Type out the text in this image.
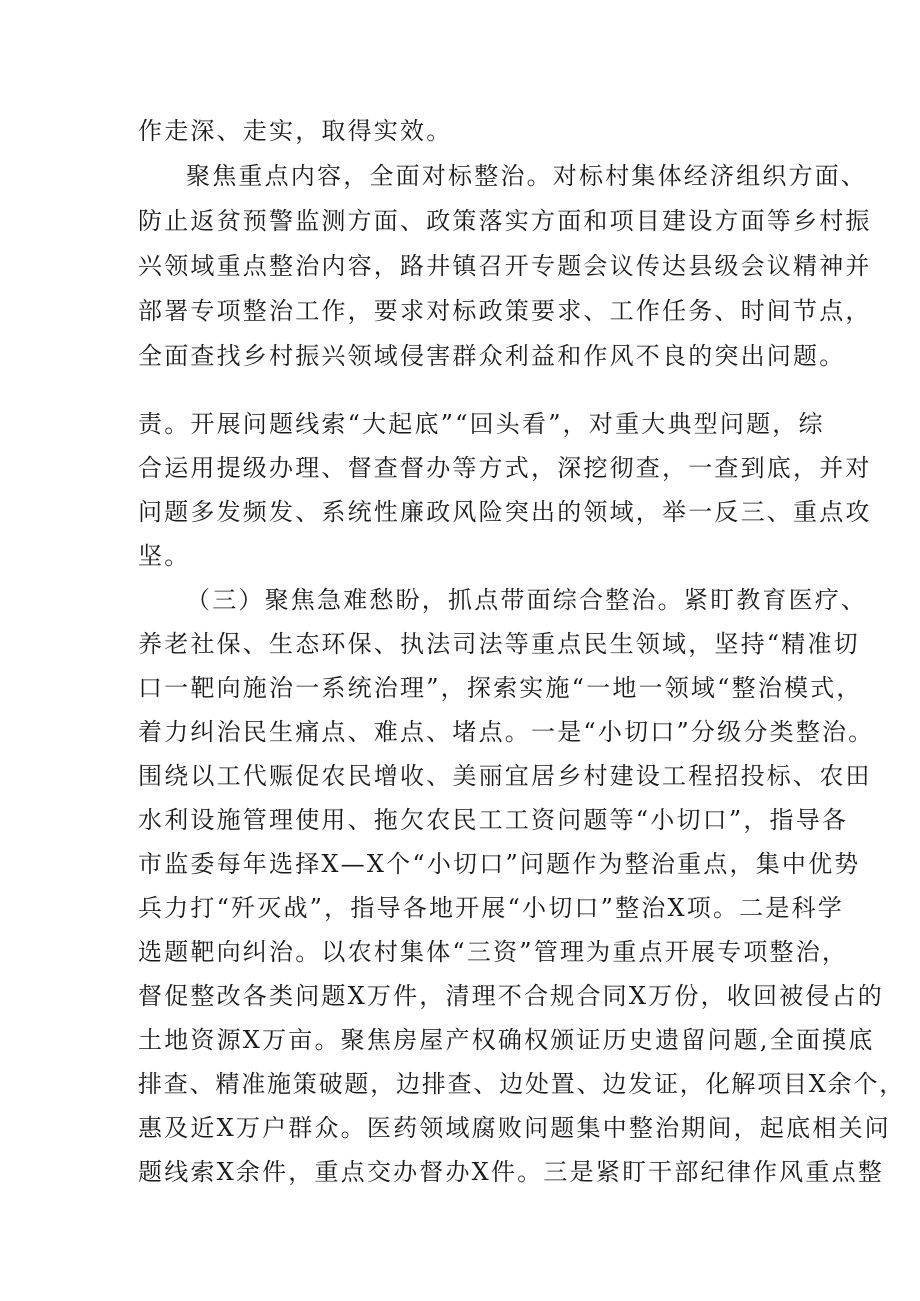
作走深、走实，取得实效。
聚焦重点内容，全面对标整治。对标村集体经济组织方面、
防止返贫预警监测方面、政策落实方面和项目建设方面等乡村振
兴领域重点整治内容，路井镇召开专题会议传达县级会议精神并
部署专项整治工作，要求对标政策要求、工作任务、时间节点，
全面查找乡村振兴领域侵害群众利益和作风不良的突出问题。
责。开展问题线索“大起底”“回头看”，对重大典型问题，综
合运用提级办理、督查督办等方式，深挖彻查，一查到底，并对
问题多发频发、系统性廉政风险突出的领域，举一反三、重点攻
坚。
（三）聚焦急难愁盼，抓点带面综合整治。紧盯教育医疗、
养老社保、生态环保、执法司法等重点民生领域，坚持“精准切
口一靶向施治一系统治理”，探索实施“一地一领域“整治模式，
着力纠治民生痛点、难点、堵点。一是“小切口”分级分类整治。
围绕以工代赈促农民增收、美丽宜居乡村建设工程招投标、农田
水利设施管理使用、拖欠农民工工资问题等“小切口”，指导各
市监委每年选择X—X个“小切口”问题作为整治重点，集中优势
兵力打“歼灭战”，指导各地开展“小切口”整治X项。二是科学
选题靶向纠治。以农村集体“三资”管理为重点开展专项整治，
督促整改各类问题X万件，清理不合规合同X万份，收回被侵占的
土地资源X万亩。聚焦房屋产权确权颁证历史遗留问题,全面摸底
排查、精准施策破题，边排查、边处置、边发证，化解项目X余个，
惠及近X万户群众。医药领域腐败问题集中整治期间，起底相关问
题线索X余件，重点交办督办X件。三是紧盯干部纪律作风重点整
